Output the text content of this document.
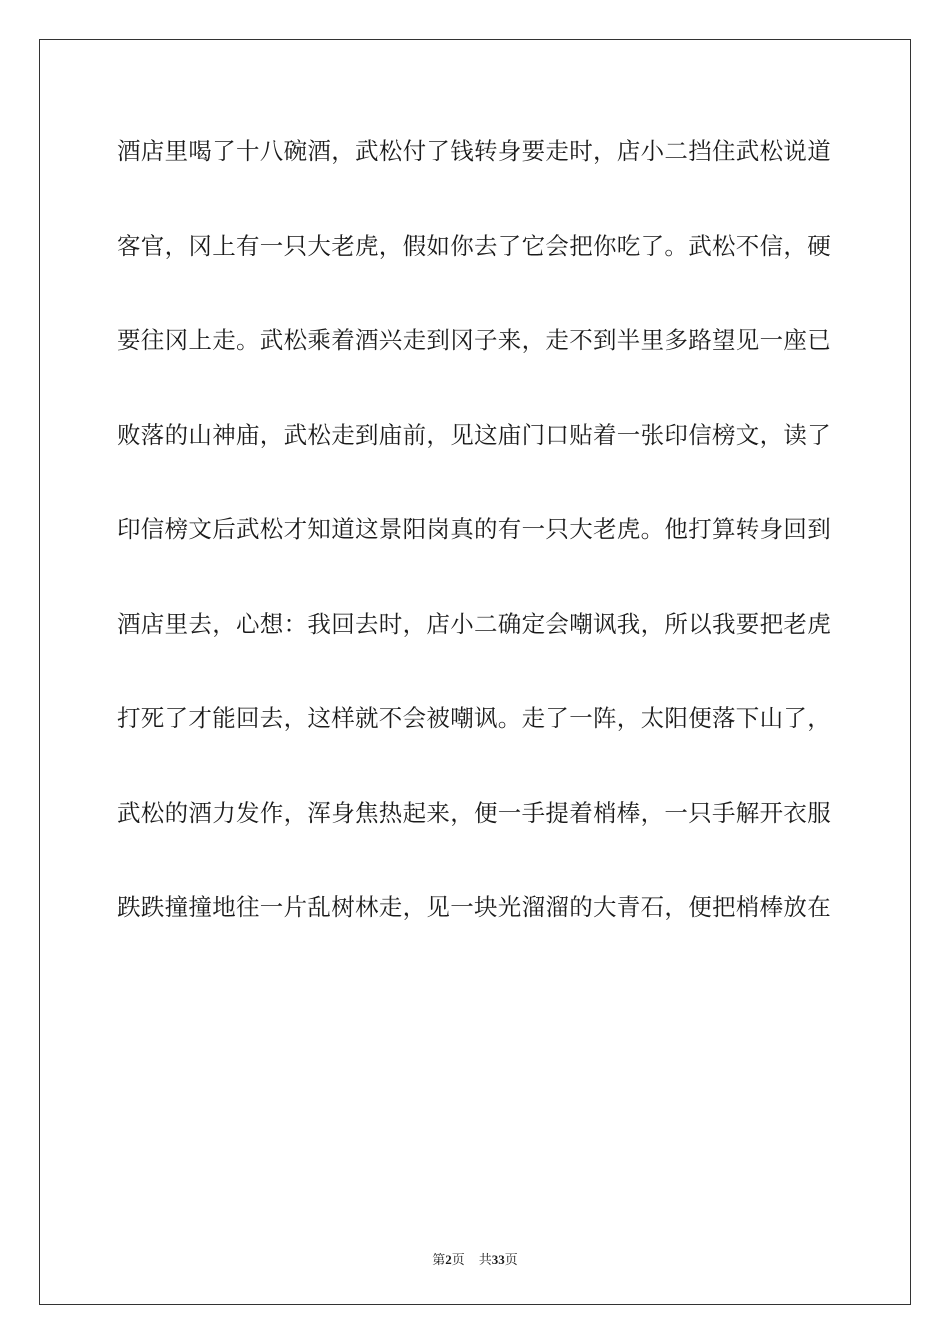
酒店里喝了十八碗酒，武松付了钱转身要走时，店小二挡住武松说道
客官，冈上有一只大老虎，假如你去了它会把你吃了。武松不信，硬
要往冈上走。武松乘着酒兴走到冈子来，走不到半里多路望见一座已
败落的山神庙，武松走到庙前，见这庙门口贴着一张印信榜文，读了
印信榜文后武松才知道这景阳岗真的有一只大老虎。他打算转身回到
酒店里去，心想：我回去时，店小二确定会嘲讽我，所以我要把老虎
打死了才能回去，这样就不会被嘲讽。走了一阵，太阳便落下山了，
武松的酒力发作，浑身焦热起来，便一手提着梢棒，一只手解开衣服
跌跌撞撞地往一片乱树林走，见一块光溜溜的大青石，便把梢棒放在
第2页 共33页
